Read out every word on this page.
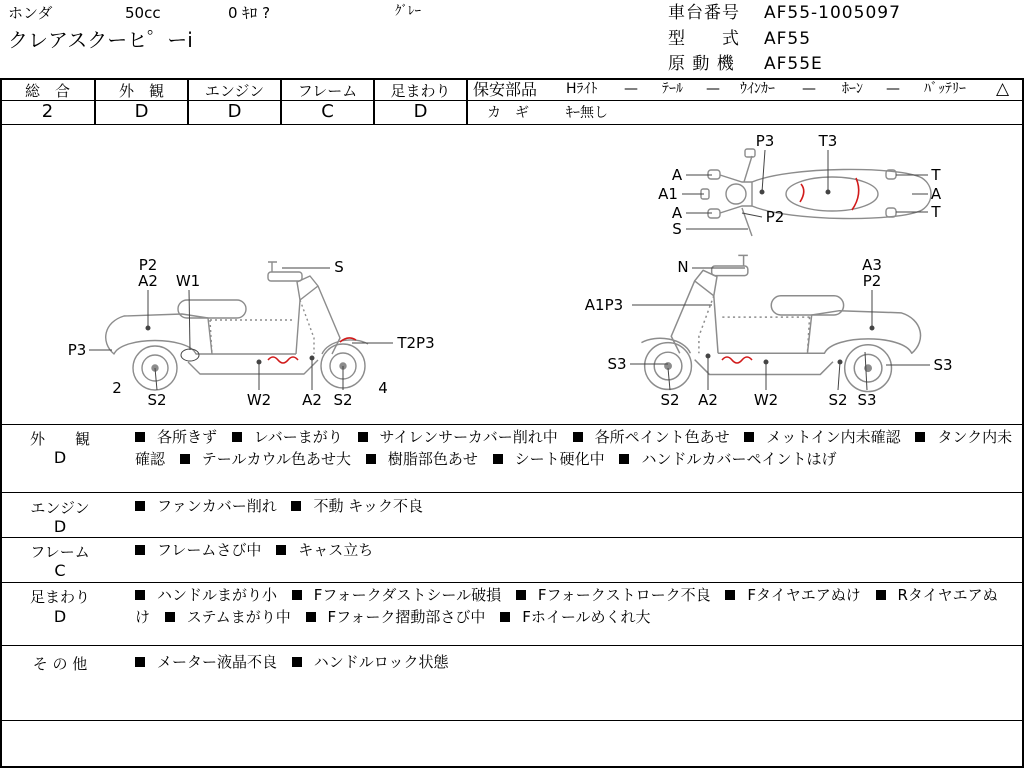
ホンダ	50cc	0 ｷﾛ ?	ｸﾞﾚｰ
クレアスクーヒ゜ーi
車台番号 AF55-1005097
型　　式 AF55
原 動 機 AF55E
総　合
2
外　観
D
エンジン
D
フレーム
C
足まわり
D
保安部品 Hﾗｲﾄ — ﾃｰﾙ — ｳｲﾝｶｰ — ﾎｰﾝ — ﾊﾞｯﾃﾘｰ △
カ　ギ	ｷｰ無し
P3	T3
A
A1
A	P2
S
T
A
T
P2
A2 W1
S
P3	T2P3
2
S2	W2 A2 S2
4
N	A3
P2
A1P3
S3	S3
S2 A2 W2	S2 S3
外　　観
D
各所きず レバーまがり サイレンサーカバー削れ中 各所ペイント色あせ メットイン内未確認 タンク内未確認 テールカウル色あせ大 樹脂部色あせ シート硬化中 ハンドルカバーペイントはげ
エンジン
D
ファンカバー削れ 不動 キック不良
フレーム
C
フレームさび中 キャス立ち
足まわり
D
ハンドルまがり小 Fフォークダストシール破損 Fフォークストローク不良 Fタイヤエアぬけ Rタイヤエアぬけ ステムまがり中 Fフォーク摺動部さび中 Fホイールめくれ大
そ の 他	メーター液晶不良 ハンドルロック状態
